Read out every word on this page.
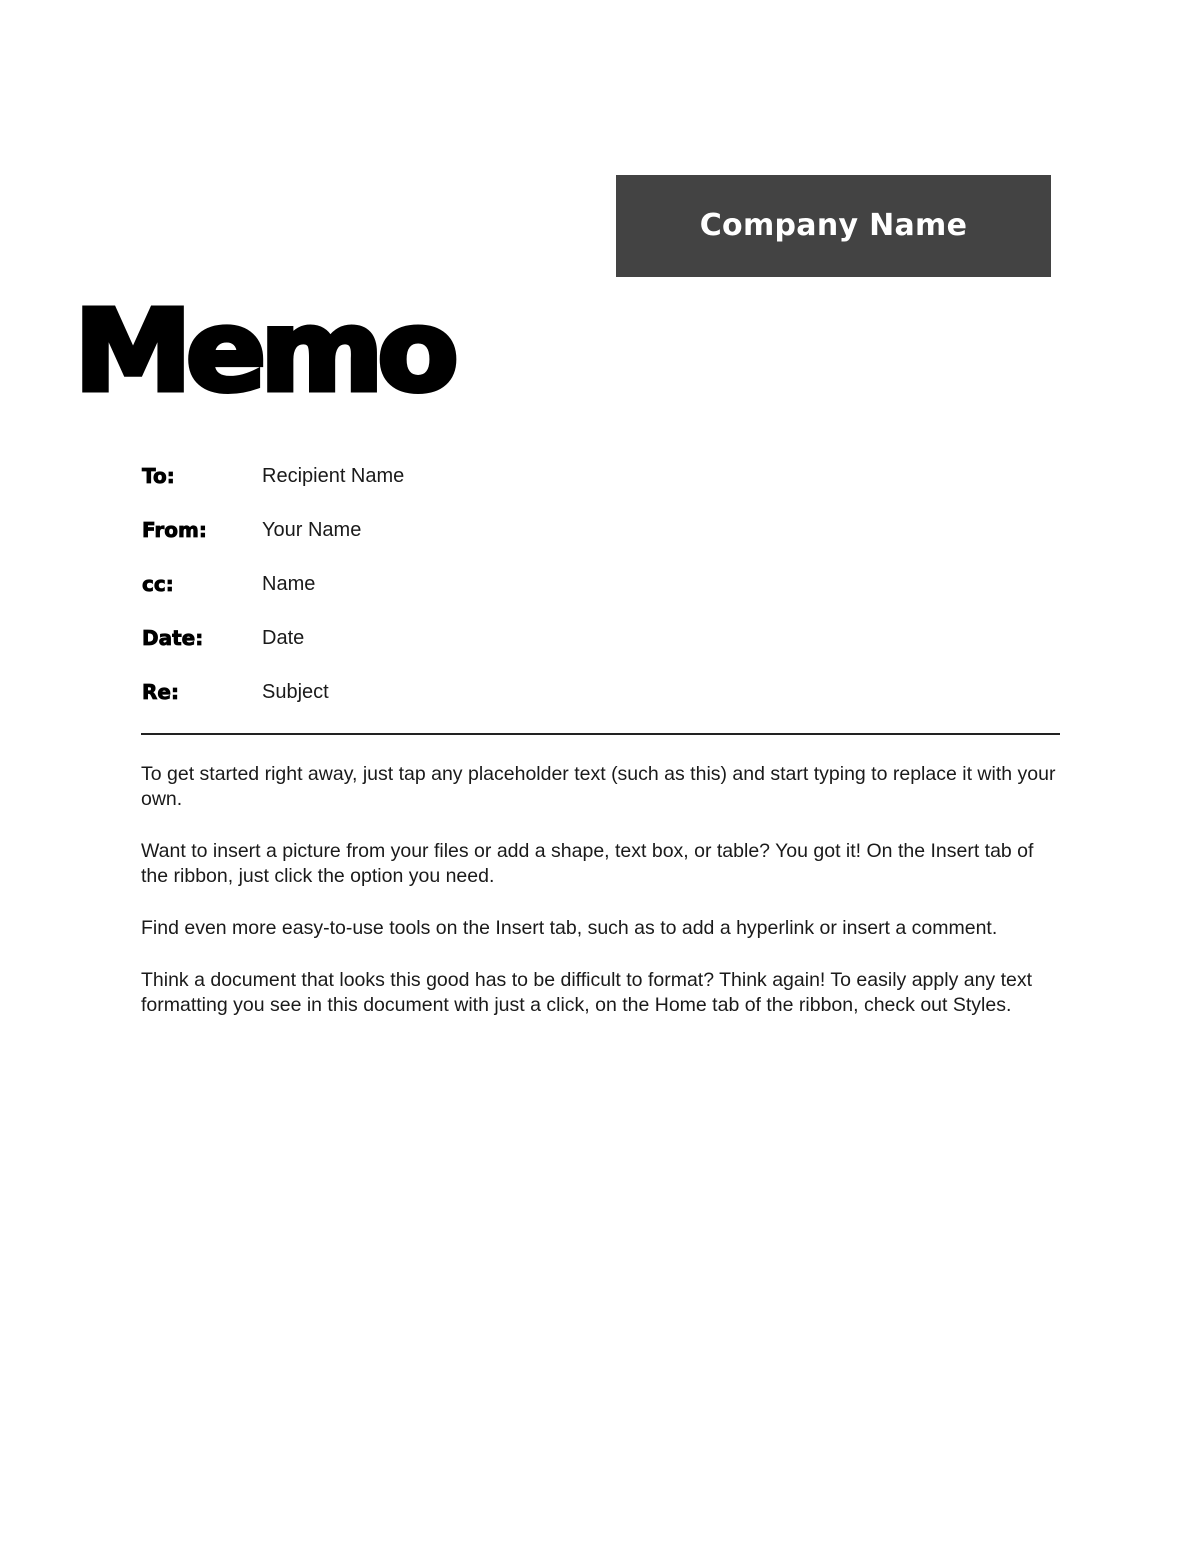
Company Name
Memo
To:	Recipient Name
From:	Your Name
cc:	Name
Date:	Date
Re:	Subject

To get started right away, just tap any placeholder text (such as this) and start typing to replace it with your own.

Want to insert a picture from your files or add a shape, text box, or table? You got it! On the Insert tab of the ribbon, just click the option you need.

Find even more easy-to-use tools on the Insert tab, such as to add a hyperlink or insert a comment.

Think a document that looks this good has to be difficult to format? Think again! To easily apply any text formatting you see in this document with just a click, on the Home tab of the ribbon, check out Styles.
